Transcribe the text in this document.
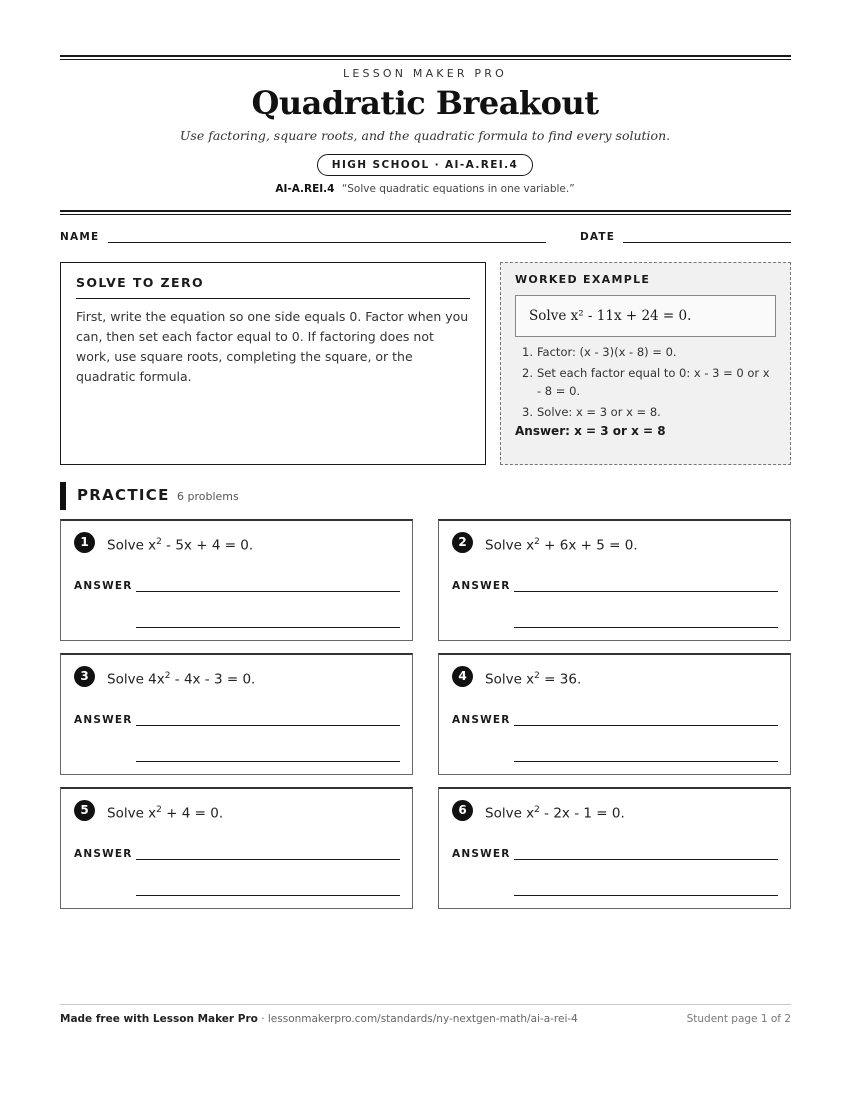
LESSON MAKER PRO
Quadratic Breakout
Use factoring, square roots, and the quadratic formula to find every solution.
HIGH SCHOOL · AI-A.REI.4
AI-A.REI.4 “Solve quadratic equations in one variable.”
NAME	DATE
SOLVE TO ZERO
First, write the equation so one side equals 0. Factor when you can, then set each factor equal to 0. If factoring does not work, use square roots, completing the square, or the quadratic formula.
WORKED EXAMPLE
Solve x² - 11x + 24 = 0.
1. Factor: (x - 3)(x - 8) = 0.
2. Set each factor equal to 0: x - 3 = 0 or x - 8 = 0.
3. Solve: x = 3 or x = 8.
Answer: x = 3 or x = 8
PRACTICE 6 problems
1	Solve $x^2 - 5x + 4 = 0$.
ANSWER
2	Solve $x^2 + 6x + 5 = 0$.
ANSWER
3	Solve $4x^2 - 4x - 3 = 0$.
ANSWER
4	Solve $x^2 = 36$.
ANSWER
5	Solve $x^2 + 4 = 0$.
ANSWER
6	Solve $x^2 - 2x - 1 = 0$.
ANSWER
Made free with Lesson Maker Pro · lessonmakerpro.com/standards/ny-nextgen-math/ai-a-rei-4	Student page 1 of 2
